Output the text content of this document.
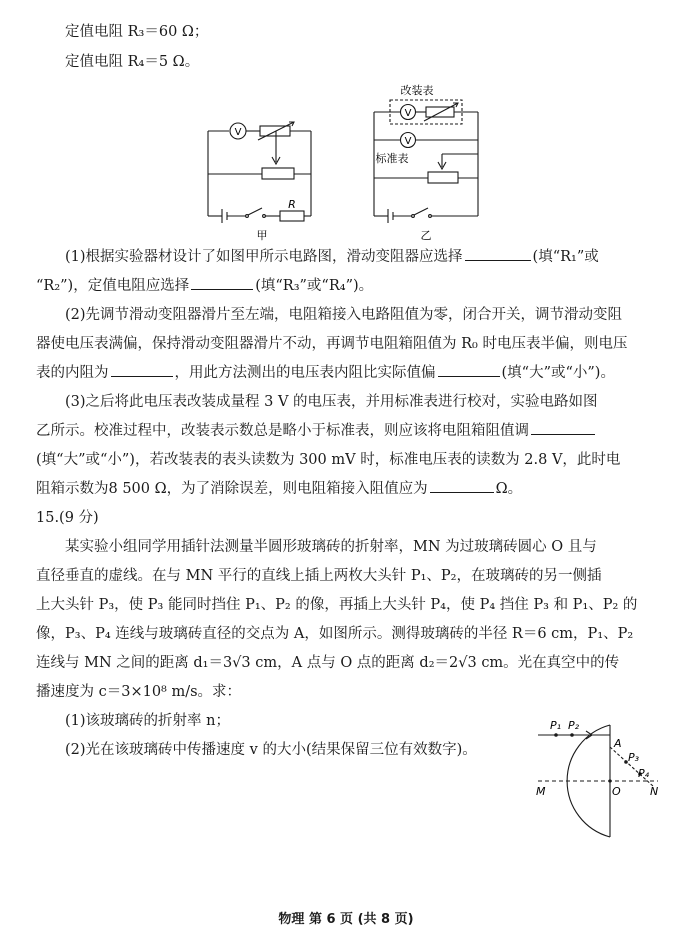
定值电阻 R₃＝60 Ω；
定值电阻 R₄＝5 Ω。
V
R
甲
改装表
V
V
标准表
乙
(1)根据实验器材设计了如图甲所示电路图，滑动变阻器应选择	(填“R₁”或
“R₂”)，定值电阻应选择	(填“R₃”或“R₄”)。
(2)先调节滑动变阻器滑片至左端，电阻箱接入电路阻值为零，闭合开关，调节滑动变阻
器使电压表满偏，保持滑动变阻器滑片不动，再调节电阻箱阻值为 R₀ 时电压表半偏，则电压
表的内阻为	，用此方法测出的电压表内阻比实际值偏	(填“大”或“小”)。
(3)之后将此电压表改装成量程 3 V 的电压表，并用标准表进行校对，实验电路如图
乙所示。校准过程中，改装表示数总是略小于标准表，则应该将电阻箱阻值调
(填“大”或“小”)，若改装表的表头读数为 300 mV 时，标准电压表的读数为 2.8 V，此时电
阻箱示数为8 500 Ω，为了消除误差，则电阻箱接入阻值应为	Ω。
15.(9 分)
某实验小组同学用插针法测量半圆形玻璃砖的折射率，MN 为过玻璃砖圆心 O 且与
直径垂直的虚线。在与 MN 平行的直线上插上两枚大头针 P₁、P₂，在玻璃砖的另一侧插
上大头针 P₃，使 P₃ 能同时挡住 P₁、P₂ 的像，再插上大头针 P₄，使 P₄ 挡住 P₃ 和 P₁、P₂ 的
像，P₃、P₄ 连线与玻璃砖直径的交点为 A，如图所示。测得玻璃砖的半径 R＝6 cm，P₁、P₂
连线与 MN 之间的距离 d₁＝3√3 cm，A 点与 O 点的距离 d₂＝2√3 cm。光在真空中的传
播速度为 c＝3×10⁸ m/s。求：
(1)该玻璃砖的折射率 n；
(2)光在该玻璃砖中传播速度 v 的大小(结果保留三位有效数字)。
P₁ P₂
A
P₃
P₄
M	O	N
物理 第 6 页 (共 8 页)
